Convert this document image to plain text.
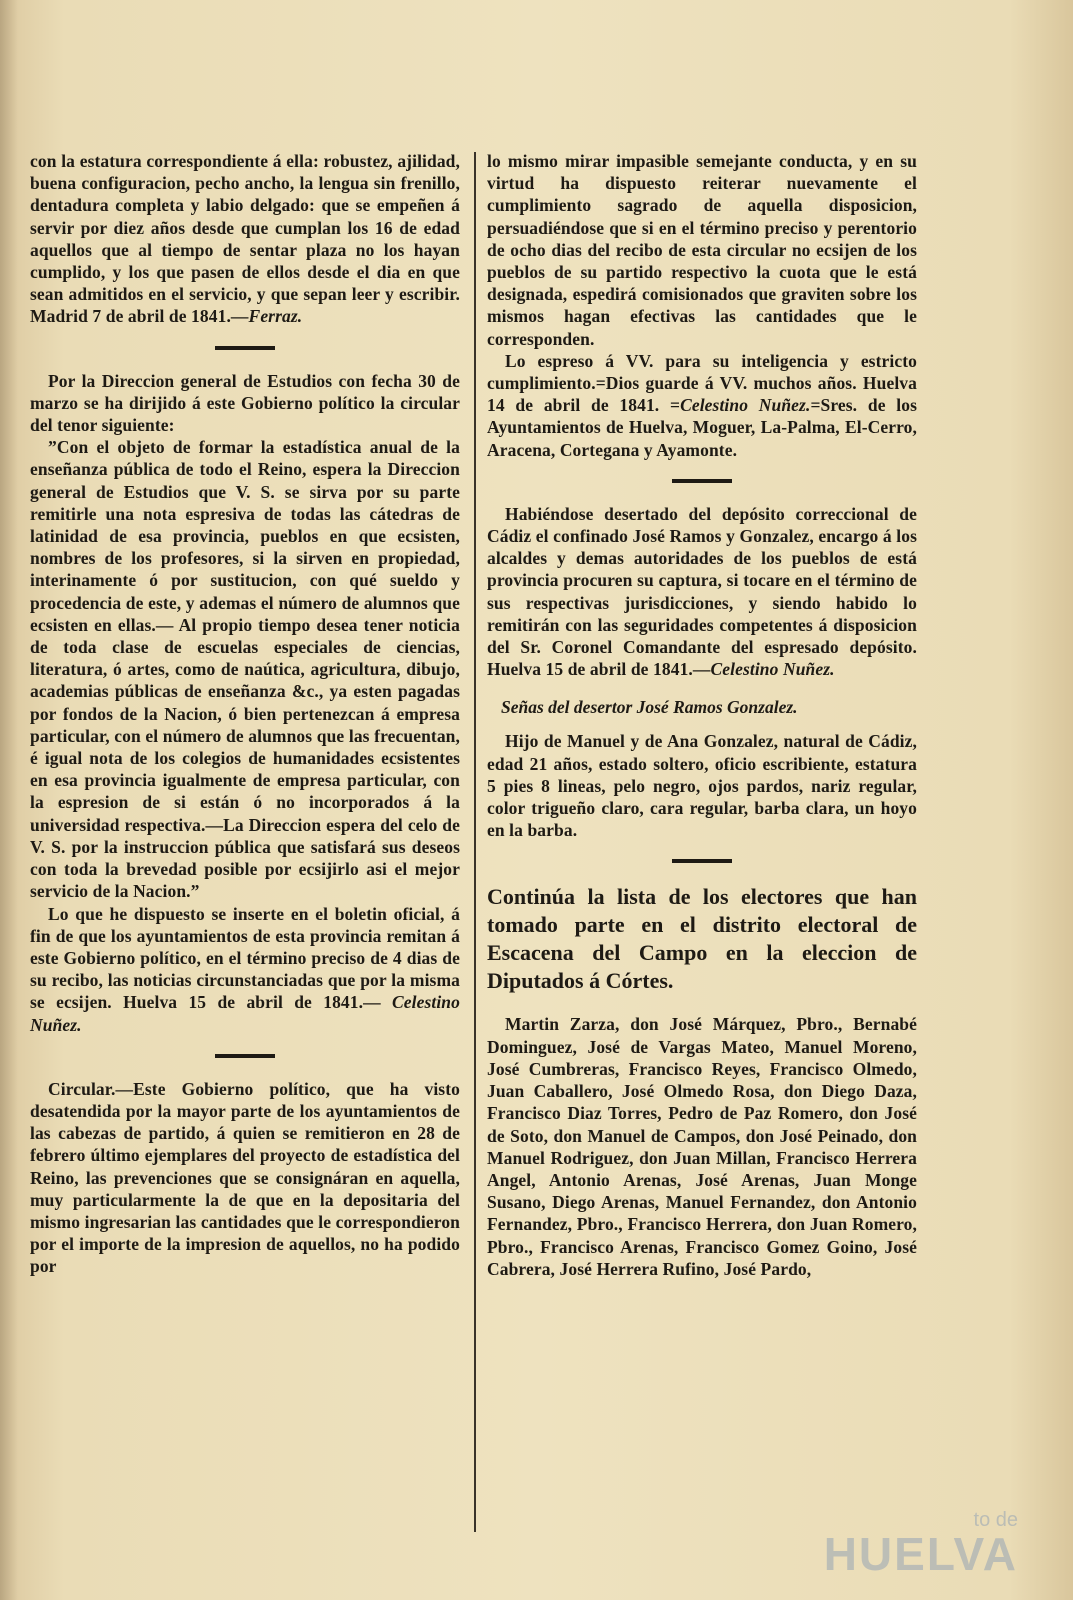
con la estatura correspondiente á ella: robustez, ajilidad, buena configuracion, pecho ancho, la lengua sin frenillo, dentadura completa y labio delgado: que se empeñen á servir por diez años desde que cumplan los 16 de edad aquellos que al tiempo de sentar plaza no los hayan cumplido, y los que pasen de ellos desde el dia en que sean admitidos en el servicio, y que sepan leer y escribir. Madrid 7 de abril de 1841.—Ferraz.

Por la Direccion general de Estudios con fecha 30 de marzo se ha dirijido á este Gobierno político la circular del tenor siguiente:

”Con el objeto de formar la estadística anual de la enseñanza pública de todo el Reino, espera la Direccion general de Estudios que V. S. se sirva por su parte remitirle una nota espresiva de todas las cátedras de latinidad de esa provincia, pueblos en que ecsisten, nombres de los profesores, si la sirven en propiedad, interinamente ó por sustitucion, con qué sueldo y procedencia de este, y ademas el número de alumnos que ecsisten en ellas.— Al propio tiempo desea tener noticia de toda clase de escuelas especiales de ciencias, literatura, ó artes, como de naútica, agricultura, dibujo, academias públicas de enseñanza &c., ya esten pagadas por fondos de la Nacion, ó bien pertenezcan á empresa particular, con el número de alumnos que las frecuentan, é igual nota de los colegios de humanidades ecsistentes en esa provincia igualmente de empresa particular, con la espresion de si están ó no incorporados á la universidad respectiva.—La Direccion espera del celo de V. S. por la instruccion pública que satisfará sus deseos con toda la brevedad posible por ecsijirlo asi el mejor servicio de la Nacion.”

Lo que he dispuesto se inserte en el boletin oficial, á fin de que los ayuntamientos de esta provincia remitan á este Gobierno político, en el término preciso de 4 dias de su recibo, las noticias circunstanciadas que por la misma se ecsijen. Huelva 15 de abril de 1841.— Celestino Nuñez.

Circular.—Este Gobierno político, que ha visto desatendida por la mayor parte de los ayuntamientos de las cabezas de partido, á quien se remitieron en 28 de febrero último ejemplares del proyecto de estadística del Reino, las prevenciones que se consignáran en aquella, muy particularmente la de que en la depositaria del mismo ingresarian las cantidades que le correspondieron por el importe de la impresion de aquellos, no ha podido por

lo mismo mirar impasible semejante conducta, y en su virtud ha dispuesto reiterar nuevamente el cumplimiento sagrado de aquella disposicion, persuadiéndose que si en el término preciso y perentorio de ocho dias del recibo de esta circular no ecsijen de los pueblos de su partido respectivo la cuota que le está designada, espedirá comisionados que graviten sobre los mismos hagan efectivas las cantidades que le corresponden.

Lo espreso á VV. para su inteligencia y estricto cumplimiento.=Dios guarde á VV. muchos años. Huelva 14 de abril de 1841. =Celestino Nuñez.=Sres. de los Ayuntamientos de Huelva, Moguer, La-Palma, El-Cerro, Aracena, Cortegana y Ayamonte.

Habiéndose desertado del depósito correccional de Cádiz el confinado José Ramos y Gonzalez, encargo á los alcaldes y demas autoridades de los pueblos de está provincia procuren su captura, si tocare en el término de sus respectivas jurisdicciones, y siendo habido lo remitirán con las seguridades competentes á disposicion del Sr. Coronel Comandante del espresado depósito. Huelva 15 de abril de 1841.—Celestino Nuñez.

Señas del desertor José Ramos Gonzalez.

Hijo de Manuel y de Ana Gonzalez, natural de Cádiz, edad 21 años, estado soltero, oficio escribiente, estatura 5 pies 8 lineas, pelo negro, ojos pardos, nariz regular, color trigueño claro, cara regular, barba clara, un hoyo en la barba.

Continúa la lista de los electores que han tomado parte en el distrito electoral de Escacena del Campo en la eleccion de Diputados á Córtes.

Martin Zarza, don José Márquez, Pbro., Bernabé Dominguez, José de Vargas Mateo, Manuel Moreno, José Cumbreras, Francisco Reyes, Francisco Olmedo, Juan Caballero, José Olmedo Rosa, don Diego Daza, Francisco Diaz Torres, Pedro de Paz Romero, don José de Soto, don Manuel de Campos, don José Peinado, don Manuel Rodriguez, don Juan Millan, Francisco Herrera Angel, Antonio Arenas, José Arenas, Juan Monge Susano, Diego Arenas, Manuel Fernandez, don Antonio Fernandez, Pbro., Francisco Herrera, don Juan Romero, Pbro., Francisco Arenas, Francisco Gomez Goino, José Cabrera, José Herrera Rufino, José Pardo,

to de
HUELVA
